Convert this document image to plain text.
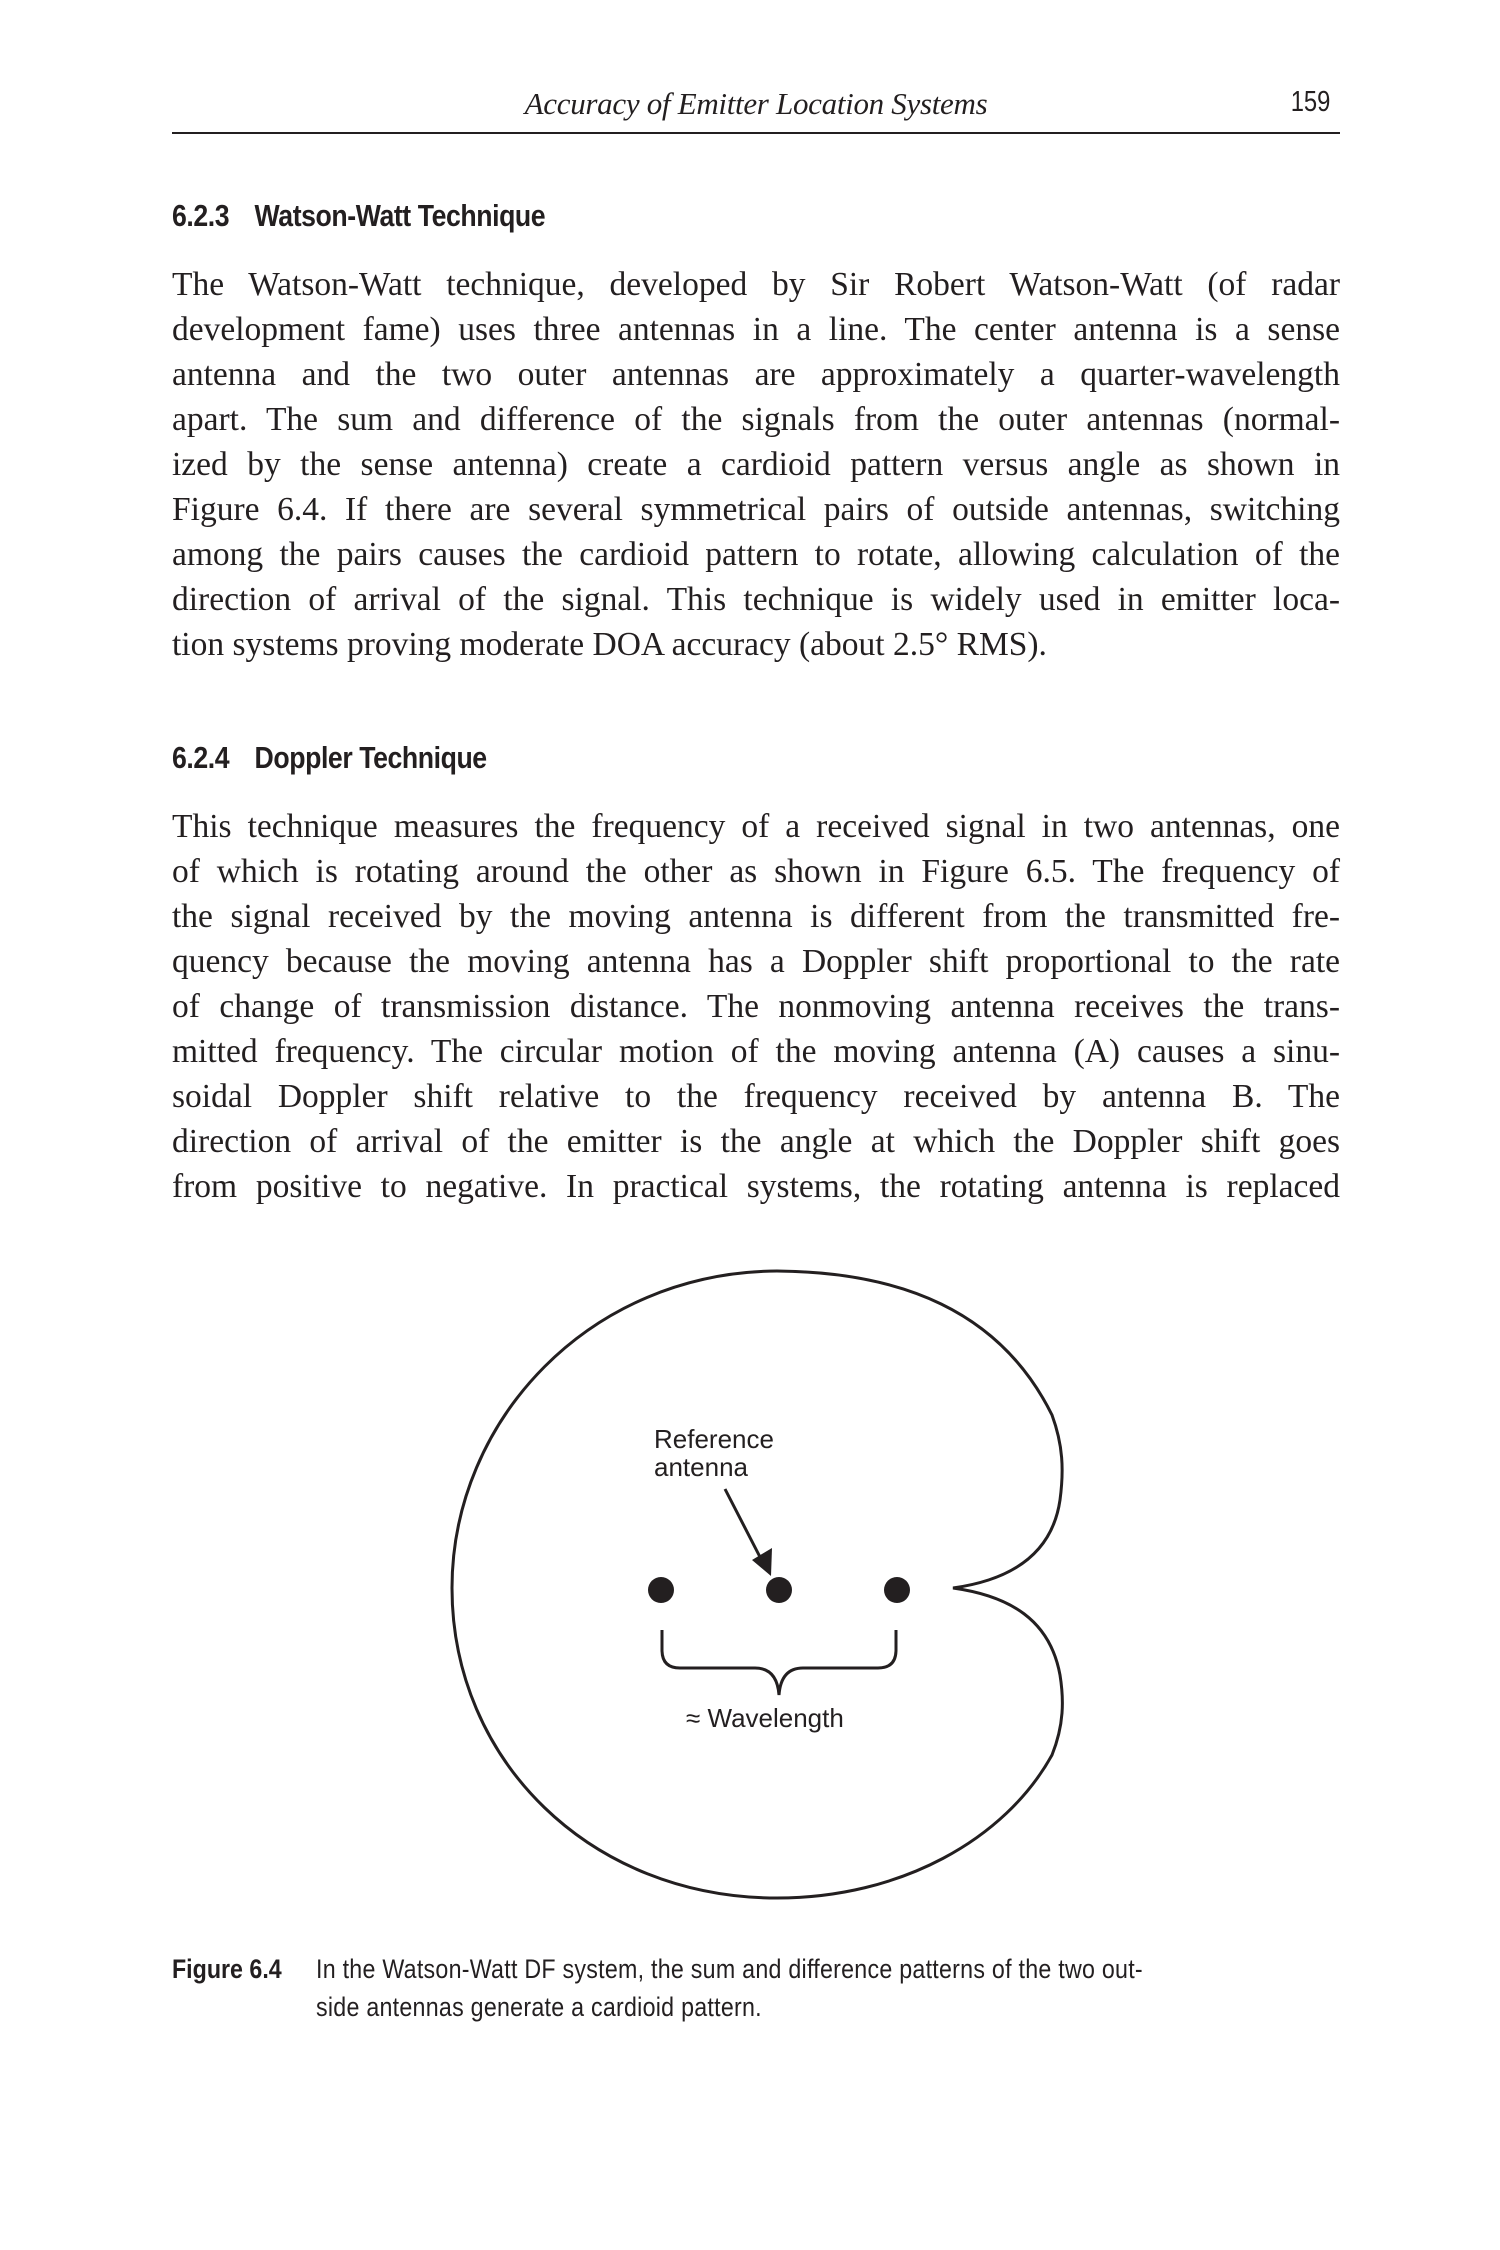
Accuracy of Emitter Location Systems	159
6.2.3 Watson-Watt Technique
The Watson-Watt technique, developed by Sir Robert Watson-Watt (of radar
development fame) uses three antennas in a line. The center antenna is a sense
antenna and the two outer antennas are approximately a quarter-wavelength
apart. The sum and difference of the signals from the outer antennas (normal-
ized by the sense antenna) create a cardioid pattern versus angle as shown in
Figure 6.4. If there are several symmetrical pairs of outside antennas, switching
among the pairs causes the cardioid pattern to rotate, allowing calculation of the
direction of arrival of the signal. This technique is widely used in emitter loca-
tion systems proving moderate DOA accuracy (about 2.5° RMS).
6.2.4 Doppler Technique
This technique measures the frequency of a received signal in two antennas, one
of which is rotating around the other as shown in Figure 6.5. The frequency of
the signal received by the moving antenna is different from the transmitted fre-
quency because the moving antenna has a Doppler shift proportional to the rate
of change of transmission distance. The nonmoving antenna receives the trans-
mitted frequency. The circular motion of the moving antenna (A) causes a sinu-
soidal Doppler shift relative to the frequency received by antenna B. The
direction of arrival of the emitter is the angle at which the Doppler shift goes
from positive to negative. In practical systems, the rotating antenna is replaced
Reference
antenna
≈ Wavelength
Figure 6.4 In the Watson-Watt DF system, the sum and difference patterns of the two out-
side antennas generate a cardioid pattern.
